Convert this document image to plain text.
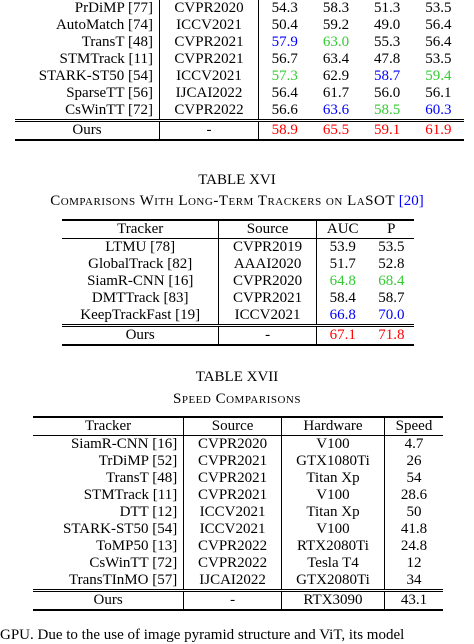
PrDiMP [77]	CVPR2020	54.3	58.3	51.3	53.5
AutoMatch [74]	ICCV2021	50.4	59.2	49.0	56.4
TransT [48]	CVPR2021	57.9	63.0	55.3	56.4
STMTrack [11]	CVPR2021	56.7	63.4	47.8	53.5
STARK-ST50 [54]	ICCV2021	57.3	62.9	58.7	59.4
SparseTT [56]	IJCAI2022	56.4	61.7	56.0	56.1
CsWinTT [72]	CVPR2022	56.6	63.6	58.5	60.3
Ours	-	58.9	65.5	59.1	61.9
TABLE XVI
Comparisons With Long-Term Trackers on LaSOT [20]
Tracker	Source	AUC	P
LTMU [78]	CVPR2019	53.9	53.5
GlobalTrack [82]	AAAI2020	51.7	52.8
SiamR-CNN [16]	CVPR2020	64.8	68.4
DMTTrack [83]	CVPR2021	58.4	58.7
KeepTrackFast [19]	ICCV2021	66.8	70.0
Ours	-	67.1	71.8
TABLE XVII
Speed Comparisons
Tracker	Source	Hardware	Speed
SiamR-CNN [16]	CVPR2020	V100	4.7
TrDiMP [52]	CVPR2021	GTX1080Ti	26
TransT [48]	CVPR2021	Titan Xp	54
STMTrack [11]	CVPR2021	V100	28.6
DTT [12]	ICCV2021	Titan Xp	50
STARK-ST50 [54]	ICCV2021	V100	41.8
ToMP50 [13]	CVPR2022	RTX2080Ti	24.8
CsWinTT [72]	CVPR2022	Tesla T4	12
TransTInMO [57]	IJCAI2022	GTX2080Ti	34
Ours	-	RTX3090	43.1
GPU. Due to the use of image pyramid structure and ViT, its model
